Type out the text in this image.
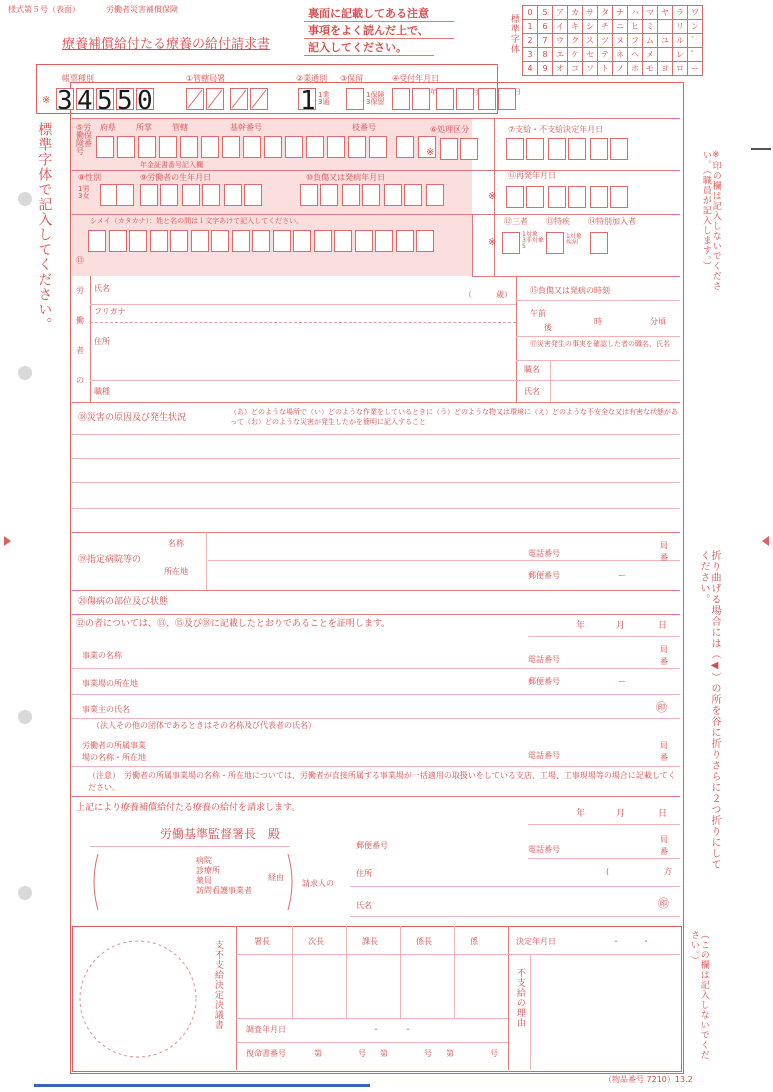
様式第５号（表面）	労働者災害補償保険
療養補償給付たる療養の給付請求書
裏面に記載してある注意
事項をよく読んだ上で、
記入してください。	標準字体
0	5	ア	カ	サ	タ	ナ	ハ	マ	ヤ	ラ	ワ
1	6	イ	キ	シ	チ	ニ	ヒ	ミ		リ	ン
2	7	ウ	ク	ス	ツ	ヌ	フ	ム	ユ	ル	゛
3	8	エ	ケ	セ	テ	ネ	ヘ	メ		レ	゜
4	9	オ	コ	ソ	ト	ノ	ホ	モ	ヨ	ロ	ー
帳票種別
※ 3 4 5 5 0
①管轄局署	②業通別
1 1業
3通
③保留
1保険
3保留
④受付年月日
年	月	日
標準字体で記入してください。	※印の欄は記入しないでください。（職員が記入します。）
折り曲げる場合には（◀）の所を谷に折りさらに２つ折りにしてください。
（この欄は記入しないでください。）
⑤労働保険番号
府県	所掌	管轄	基幹番号	枝番号
年金証書番号記入欄
⑥処理区分
※
⑦支給・不支給決定年月日
⑧性別
1男
3女
⑨労働者の生年月日	⑩負傷又は発病年月日	⑪再発年月日
※
シメイ（カタカナ）：姓と名の間は１文字あけて記入してください。	⑫三者 ⑬特疾 ⑭特別加入者
※
1対象
3非対象
5
1対象
疾病
⑬労働者の
氏名
（　　　歳）
フリガナ
住所
職種
⑮負傷又は発病の時刻
午前
後
時	分頃
⑰災害発生の事実を確認した者の職名、氏名
職名
氏名
⑱災害の原因及び発生状況
（あ）どのような場所で（い）どのような作業をしているときに（う）どのような物又は環境に（え）どのような不安全な又は有害な状態があって（お）どのような災害が発生したかを簡明に記入すること
⑲指定病院等の
名称
所在地
電話番号
局
番
郵便番号	ー
⑳傷病の部位及び状態
⑫の者については、⑬、⑮及び⑱に記載したとおりであることを証明します。	年	月	日
事業の名称	電話番号
局
番
事業場の所在地	郵便番号	ー
事業主の氏名	㊞
（法人その他の団体であるときはその名称及び代表者の氏名）
労働者の所属事業
場の名称・所在地	電話番号
局
番
（注意）　労働者の所属事業場の名称・所在地については、労働者が直接所属する事業場が一括適用の取扱いをしている支店、工場、工事現場等の場合に記載してください。
上記により療養補償給付たる療養の給付を請求します。
年	月	日
労働基準監督署長　殿
郵便番号	電話番号
局
番
病院
診療所
薬局
訪問看護事業者
経由
請求人の
住所	方
(
氏名	㊞
支不支給決定決議書	署長	次長	課長	係長	係	決定年月日	・	・
不支給の理由
調査年月日
復命書番号	第	号 第	号 第	号
・　　　・
（物品番号 7210）13.2
